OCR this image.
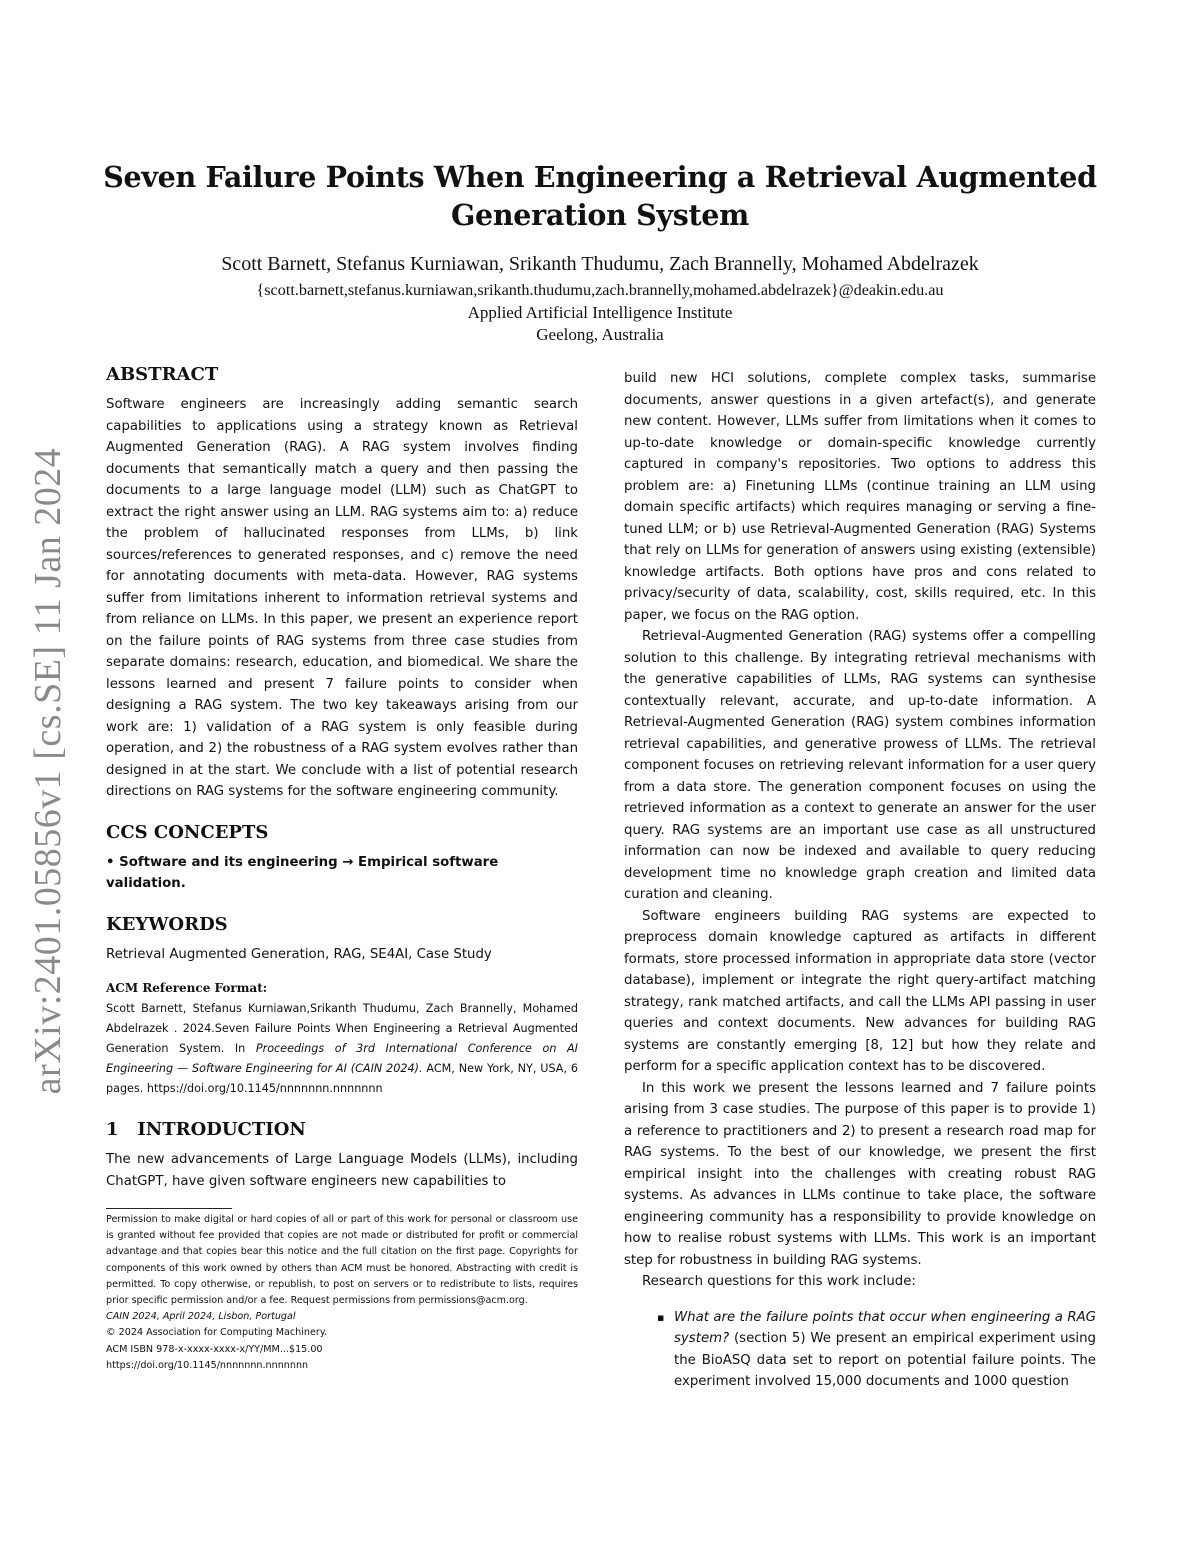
arXiv:2401.05856v1 [cs.SE] 11 Jan 2024
Seven Failure Points When Engineering a Retrieval Augmented Generation System
Scott Barnett, Stefanus Kurniawan, Srikanth Thudumu, Zach Brannelly, Mohamed Abdelrazek
{scott.barnett,stefanus.kurniawan,srikanth.thudumu,zach.brannelly,mohamed.abdelrazek}@deakin.edu.au
Applied Artificial Intelligence Institute
Geelong, Australia
ABSTRACT

Software engineers are increasingly adding semantic search capabilities to applications using a strategy known as Retrieval Augmented Generation (RAG). A RAG system involves finding documents that semantically match a query and then passing the documents to a large language model (LLM) such as ChatGPT to extract the right answer using an LLM. RAG systems aim to: a) reduce the problem of hallucinated responses from LLMs, b) link sources/references to generated responses, and c) remove the need for annotating documents with meta-data. However, RAG systems suffer from limitations inherent to information retrieval systems and from reliance on LLMs. In this paper, we present an experience report on the failure points of RAG systems from three case studies from separate domains: research, education, and biomedical. We share the lessons learned and present 7 failure points to consider when designing a RAG system. The two key takeaways arising from our work are: 1) validation of a RAG system is only feasible during operation, and 2) the robustness of a RAG system evolves rather than designed in at the start. We conclude with a list of potential research directions on RAG systems for the software engineering community.

CCS CONCEPTS

• Software and its engineering → Empirical software validation.

KEYWORDS

Retrieval Augmented Generation, RAG, SE4AI, Case Study

ACM Reference Format:

Scott Barnett, Stefanus Kurniawan,Srikanth Thudumu, Zach Brannelly, Mohamed Abdelrazek . 2024.Seven Failure Points When Engineering a Retrieval Augmented Generation System. In Proceedings of 3rd International Conference on AI Engineering — Software Engineering for AI (CAIN 2024). ACM, New York, NY, USA, 6 pages. https://doi.org/10.1145/nnnnnnn.nnnnnnn

1 INTRODUCTION

The new advancements of Large Language Models (LLMs), including ChatGPT, have given software engineers new capabilities to

Permission to make digital or hard copies of all or part of this work for personal or classroom use is granted without fee provided that copies are not made or distributed for profit or commercial advantage and that copies bear this notice and the full citation on the first page. Copyrights for components of this work owned by others than ACM must be honored. Abstracting with credit is permitted. To copy otherwise, or republish, to post on servers or to redistribute to lists, requires prior specific permission and/or a fee. Request permissions from permissions@acm.org.

CAIN 2024, April 2024, Lisbon, Portugal

© 2024 Association for Computing Machinery.

ACM ISBN 978-x-xxxx-xxxx-x/YY/MM...$15.00

https://doi.org/10.1145/nnnnnnn.nnnnnnn

build new HCI solutions, complete complex tasks, summarise documents, answer questions in a given artefact(s), and generate new content. However, LLMs suffer from limitations when it comes to up-to-date knowledge or domain-specific knowledge currently captured in company's repositories. Two options to address this problem are: a) Finetuning LLMs (continue training an LLM using domain specific artifacts) which requires managing or serving a fine-tuned LLM; or b) use Retrieval-Augmented Generation (RAG) Systems that rely on LLMs for generation of answers using existing (extensible) knowledge artifacts. Both options have pros and cons related to privacy/security of data, scalability, cost, skills required, etc. In this paper, we focus on the RAG option.

Retrieval-Augmented Generation (RAG) systems offer a compelling solution to this challenge. By integrating retrieval mechanisms with the generative capabilities of LLMs, RAG systems can synthesise contextually relevant, accurate, and up-to-date information. A Retrieval-Augmented Generation (RAG) system combines information retrieval capabilities, and generative prowess of LLMs. The retrieval component focuses on retrieving relevant information for a user query from a data store. The generation component focuses on using the retrieved information as a context to generate an answer for the user query. RAG systems are an important use case as all unstructured information can now be indexed and available to query reducing development time no knowledge graph creation and limited data curation and cleaning.

Software engineers building RAG systems are expected to preprocess domain knowledge captured as artifacts in different formats, store processed information in appropriate data store (vector database), implement or integrate the right query-artifact matching strategy, rank matched artifacts, and call the LLMs API passing in user queries and context documents. New advances for building RAG systems are constantly emerging [8, 12] but how they relate and perform for a specific application context has to be discovered.

In this work we present the lessons learned and 7 failure points arising from 3 case studies. The purpose of this paper is to provide 1) a reference to practitioners and 2) to present a research road map for RAG systems. To the best of our knowledge, we present the first empirical insight into the challenges with creating robust RAG systems. As advances in LLMs continue to take place, the software engineering community has a responsibility to provide knowledge on how to realise robust systems with LLMs. This work is an important step for robustness in building RAG systems.

Research questions for this work include:

▪ What are the failure points that occur when engineering a RAG system? (section 5) We present an empirical experiment using the BioASQ data set to report on potential failure points. The experiment involved 15,000 documents and 1000 question
